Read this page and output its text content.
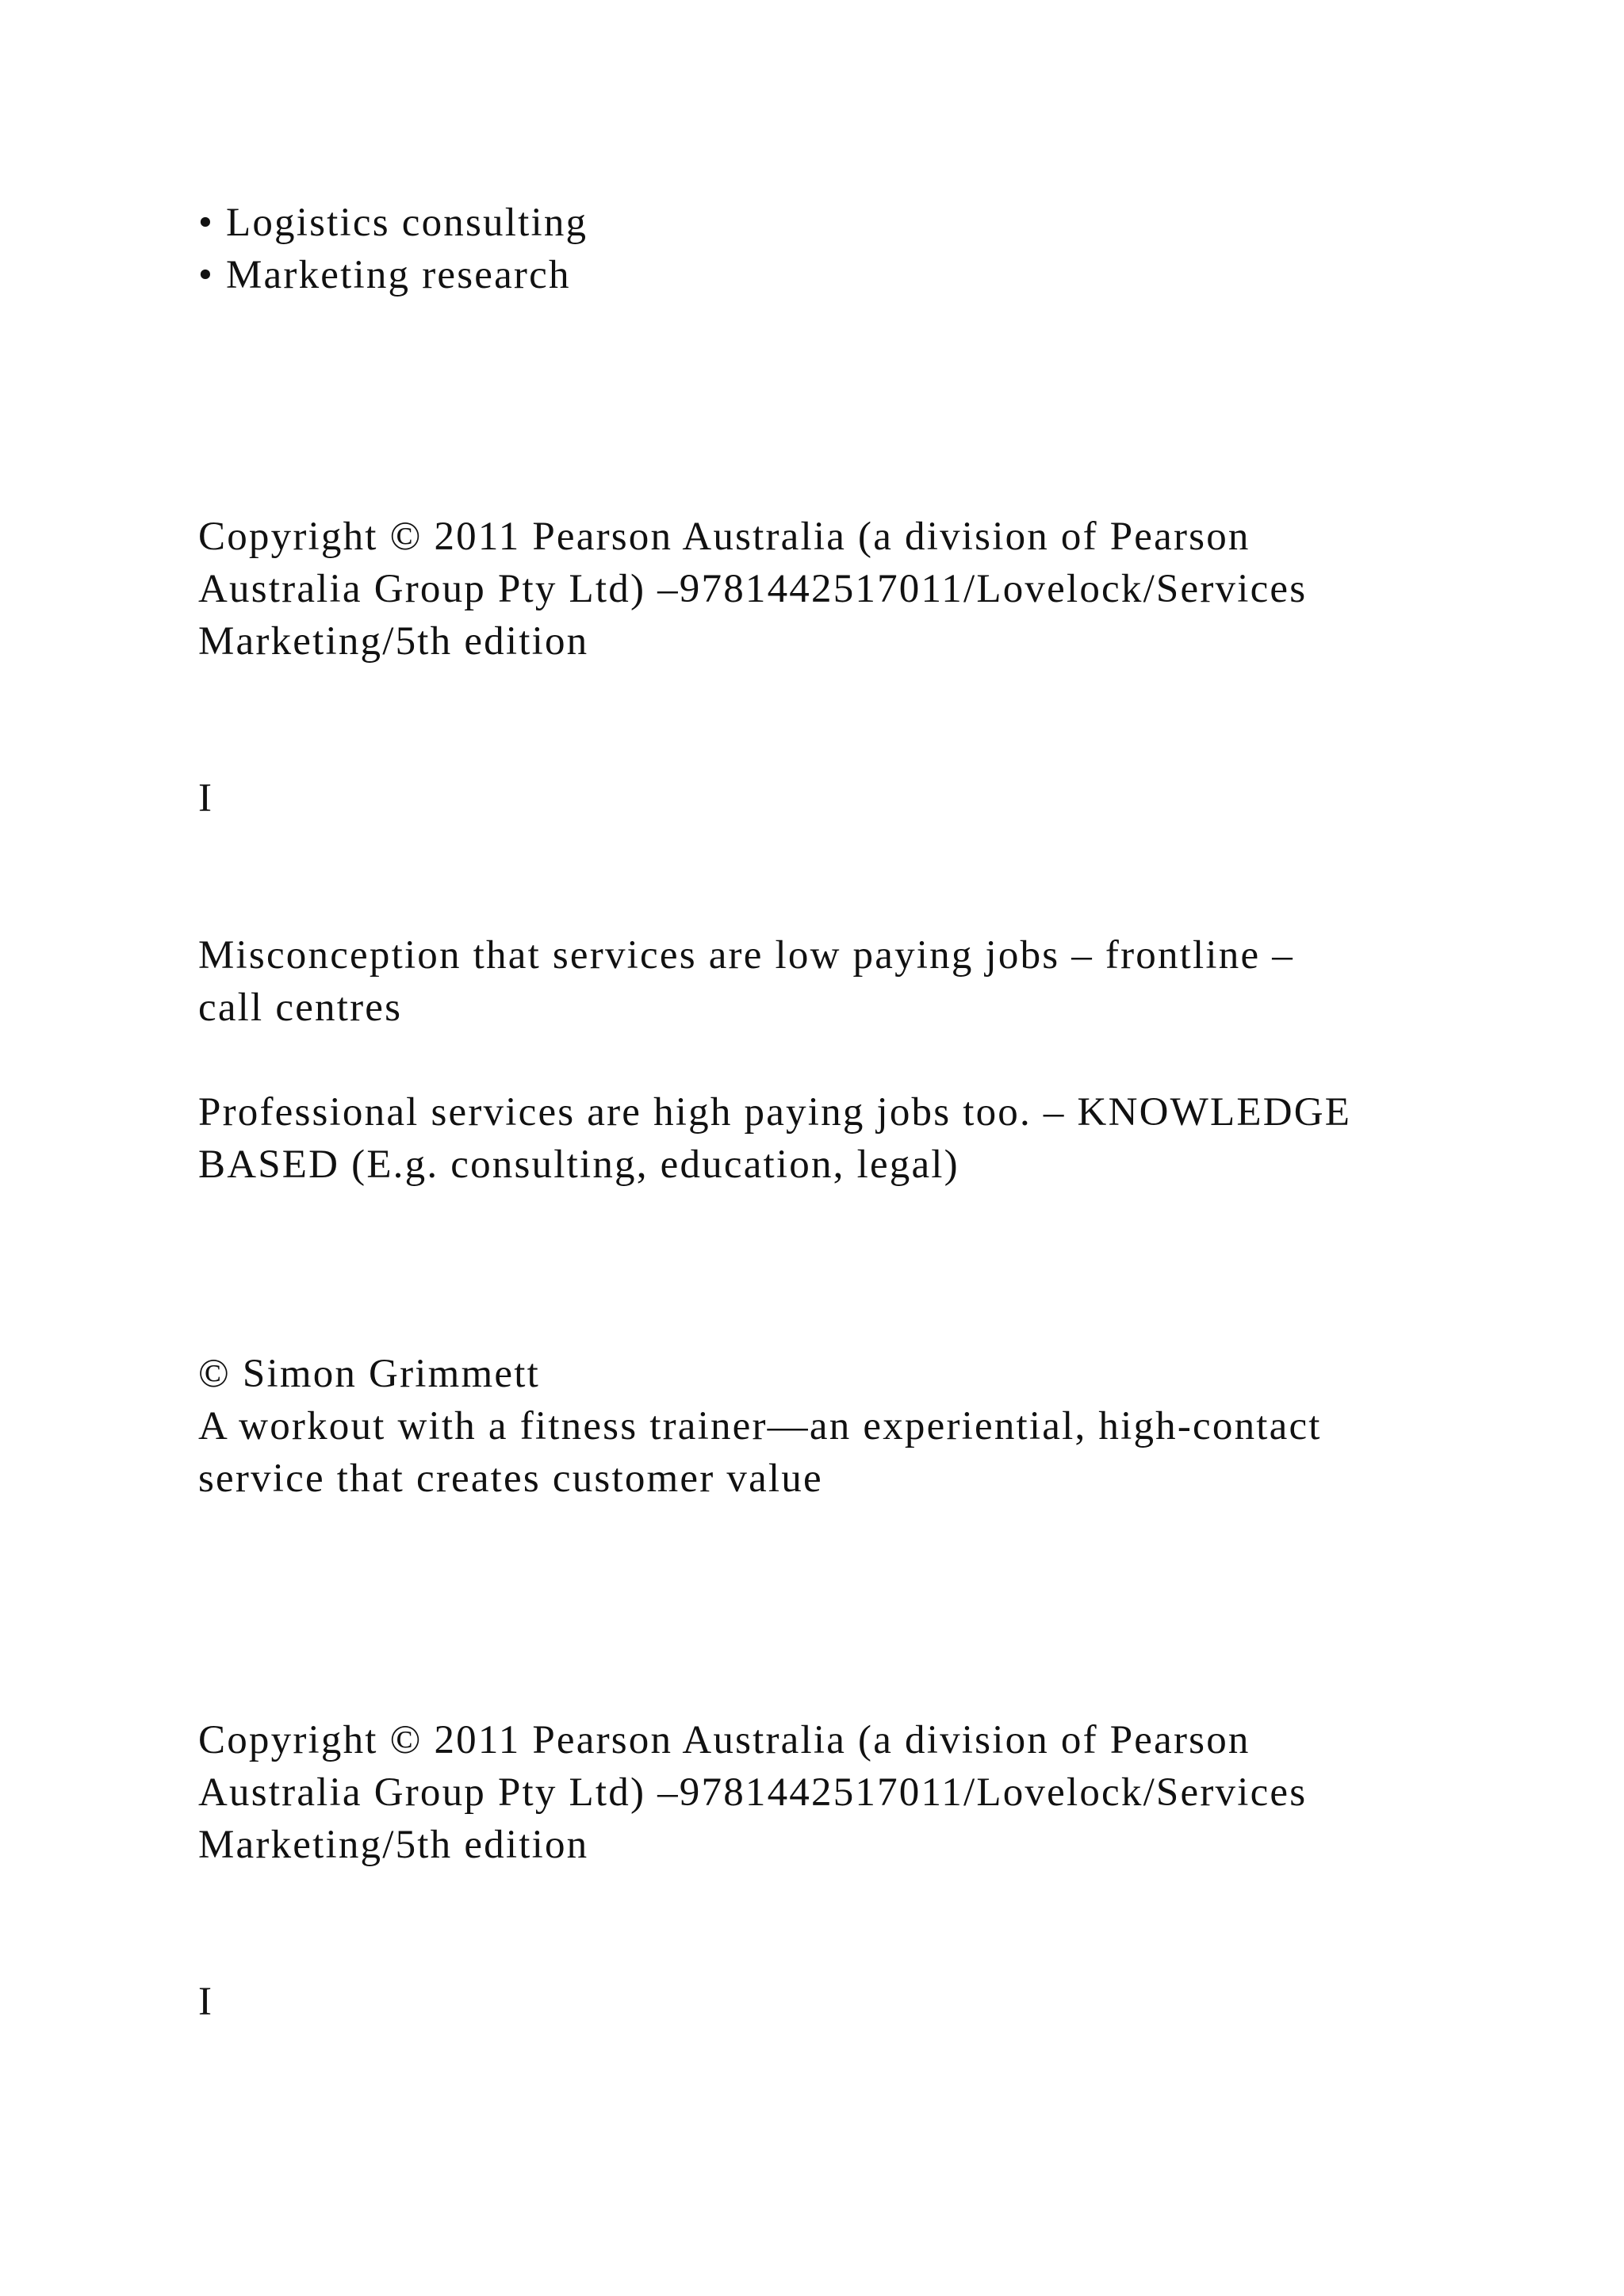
• Logistics consulting

• Marketing research

Copyright © 2011 Pearson Australia (a division of Pearson

Australia Group Pty Ltd) –9781442517011/Lovelock/Services

Marketing/5th edition

I

Misconception that services are low paying jobs – frontline –

call centres

Professional services are high paying jobs too. – KNOWLEDGE

BASED (E.g. consulting, education, legal)

© Simon Grimmett

A workout with a fitness trainer—an experiential, high-contact

service that creates customer value

Copyright © 2011 Pearson Australia (a division of Pearson

Australia Group Pty Ltd) –9781442517011/Lovelock/Services

Marketing/5th edition

I
